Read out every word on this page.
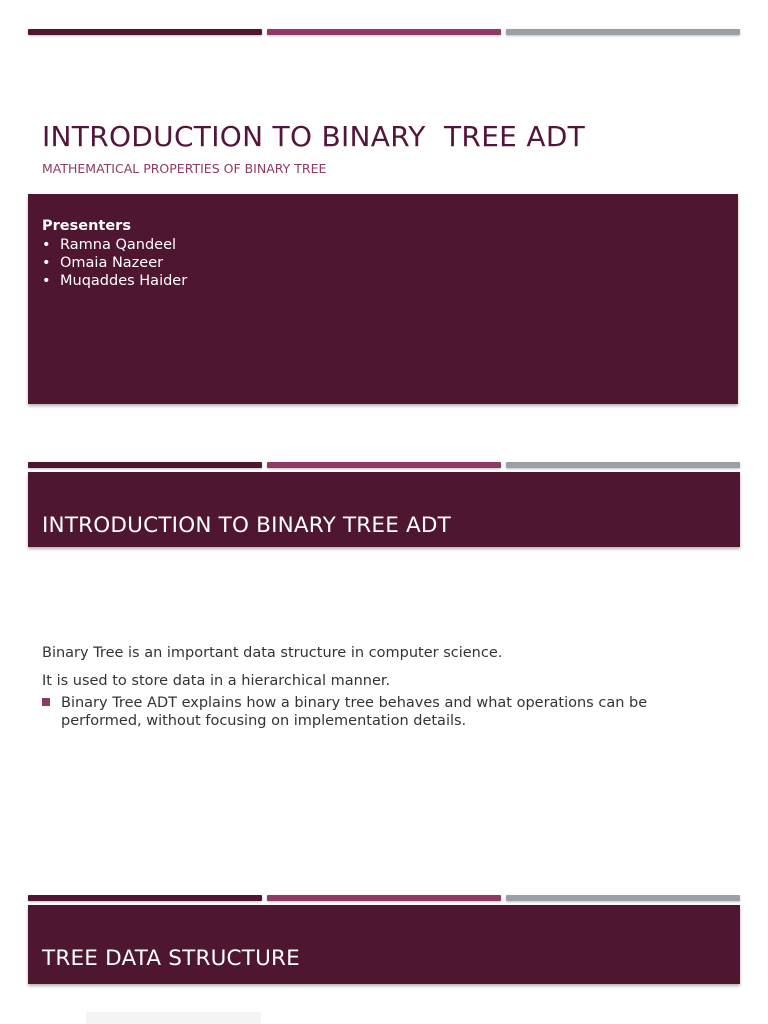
INTRODUCTION TO BINARY  TREE ADT

MATHEMATICAL PROPERTIES OF BINARY TREE

Presenters
• Ramna Qandeel
• Omaia Nazeer
• Muqaddes Haider
INTRODUCTION TO BINARY TREE ADT

Binary Tree is an important data structure in computer science.

It is used to store data in a hierarchical manner.

Binary Tree ADT explains how a binary tree behaves and what operations can be performed, without focusing on implementation details.
TREE DATA STRUCTURE
